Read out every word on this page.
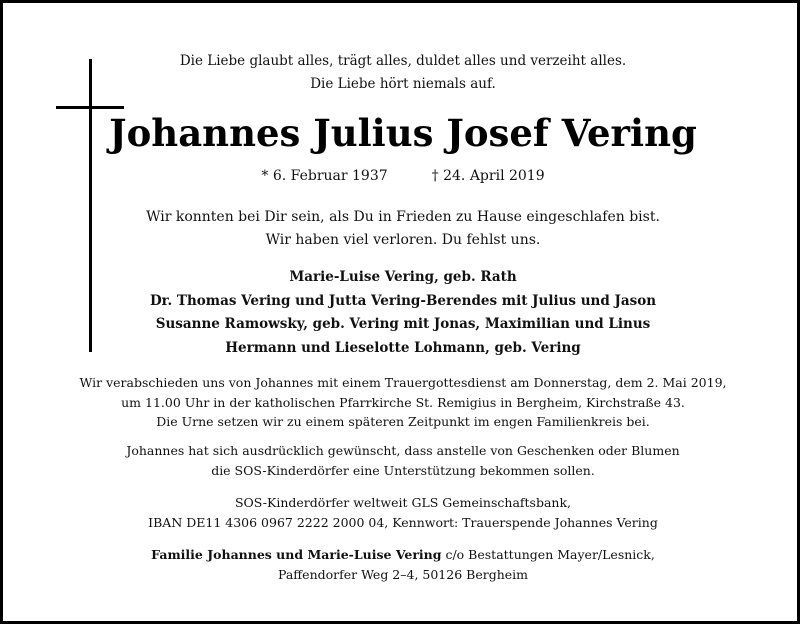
Die Liebe glaubt alles, trägt alles, duldet alles und verzeiht alles.
Die Liebe hört niemals auf.
Johannes Julius Josef Vering
* 6. Februar 1937	† 24. April 2019
Wir konnten bei Dir sein, als Du in Frieden zu Hause eingeschlafen bist.
Wir haben viel verloren. Du fehlst uns.
Marie-Luise Vering, geb. Rath
Dr. Thomas Vering und Jutta Vering-Berendes mit Julius und Jason
Susanne Ramowsky, geb. Vering mit Jonas, Maximilian und Linus
Hermann und Lieselotte Lohmann, geb. Vering
Wir verabschieden uns von Johannes mit einem Trauergottesdienst am Donnerstag, dem 2. Mai 2019,
um 11.00 Uhr in der katholischen Pfarrkirche St. Remigius in Bergheim, Kirchstraße 43.
Die Urne setzen wir zu einem späteren Zeitpunkt im engen Familienkreis bei.
Johannes hat sich ausdrücklich gewünscht, dass anstelle von Geschenken oder Blumen
die SOS-Kinderdörfer eine Unterstützung bekommen sollen.
SOS-Kinderdörfer weltweit GLS Gemeinschaftsbank,
IBAN DE11 4306 0967 2222 2000 04, Kennwort: Trauerspende Johannes Vering
Familie Johannes und Marie-Luise Vering c/o Bestattungen Mayer/Lesnick,
Paffendorfer Weg 2–4, 50126 Bergheim
